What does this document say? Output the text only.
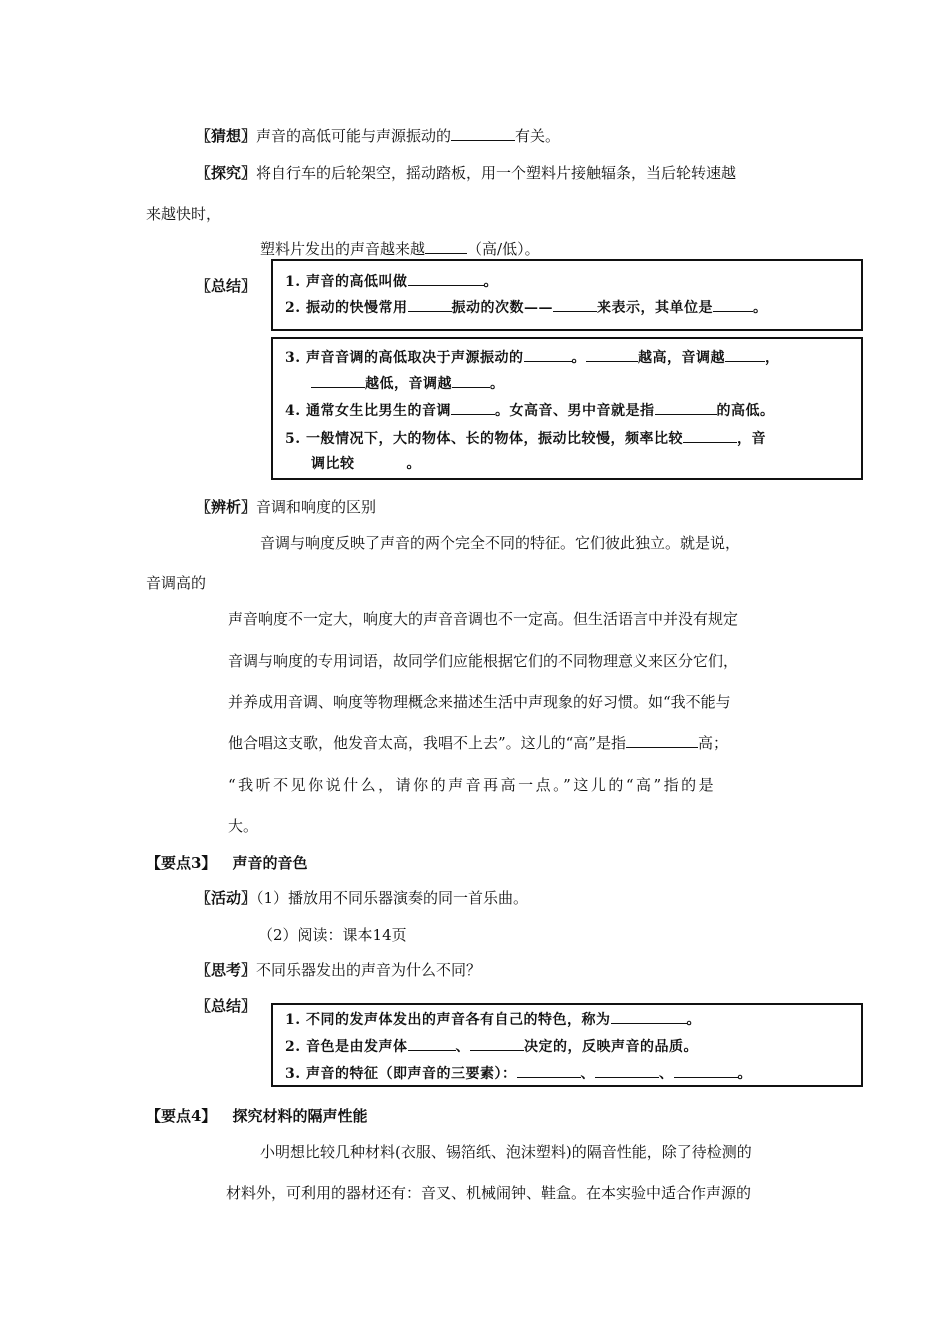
〖猜想〗声音的高低可能与声源振动的	有关。
〖探究〗将自行车的后轮架空，摇动踏板，用一个塑料片接触辐条，当后轮转速越
来越快时，
塑料片发出的声音越来越	（高/低）。
〖总结〗 1. 声音的高低叫做	。
2. 振动的快慢常用	振动的次数——	来表示，其单位是	。
3. 声音音调的高低取决于声源振动的	。	越高，音调越	，
越低，音调越	。
4. 通常女生比男生的音调	。女高音、男中音就是指	的高低。
5. 一般情况下，大的物体、长的物体，振动比较慢，频率比较	，音
调比较	。
〖辨析〗音调和响度的区别
音调与响度反映了声音的两个完全不同的特征。它们彼此独立。就是说，
音调高的
声音响度不一定大，响度大的声音音调也不一定高。但生活语言中并没有规定
音调与响度的专用词语，故同学们应能根据它们的不同物理意义来区分它们，
并养成用音调、响度等物理概念来描述生活中声现象的好习惯。如“我不能与
他合唱这支歌，他发音太高，我唱不上去”。这儿的“高”是指	高；
“我听不见你说什么，请你的声音再高一点。”这儿的“高”指的是
大。
【要点3】 声音的音色
〖活动〗（1）播放用不同乐器演奏的同一首乐曲。
（2）阅读：课本14页
〖思考〗不同乐器发出的声音为什么不同？
〖总结〗
1. 不同的发声体发出的声音各有自己的特色，称为	。
2. 音色是由发声体	、	决定的，反映声音的品质。
3. 声音的特征（即声音的三要素）：	、	、	。
【要点4】 探究材料的隔声性能
小明想比较几种材料(衣服、锡箔纸、泡沫塑料)的隔音性能，除了待检测的
材料外，可利用的器材还有：音叉、机械闹钟、鞋盒。在本实验中适合作声源的
